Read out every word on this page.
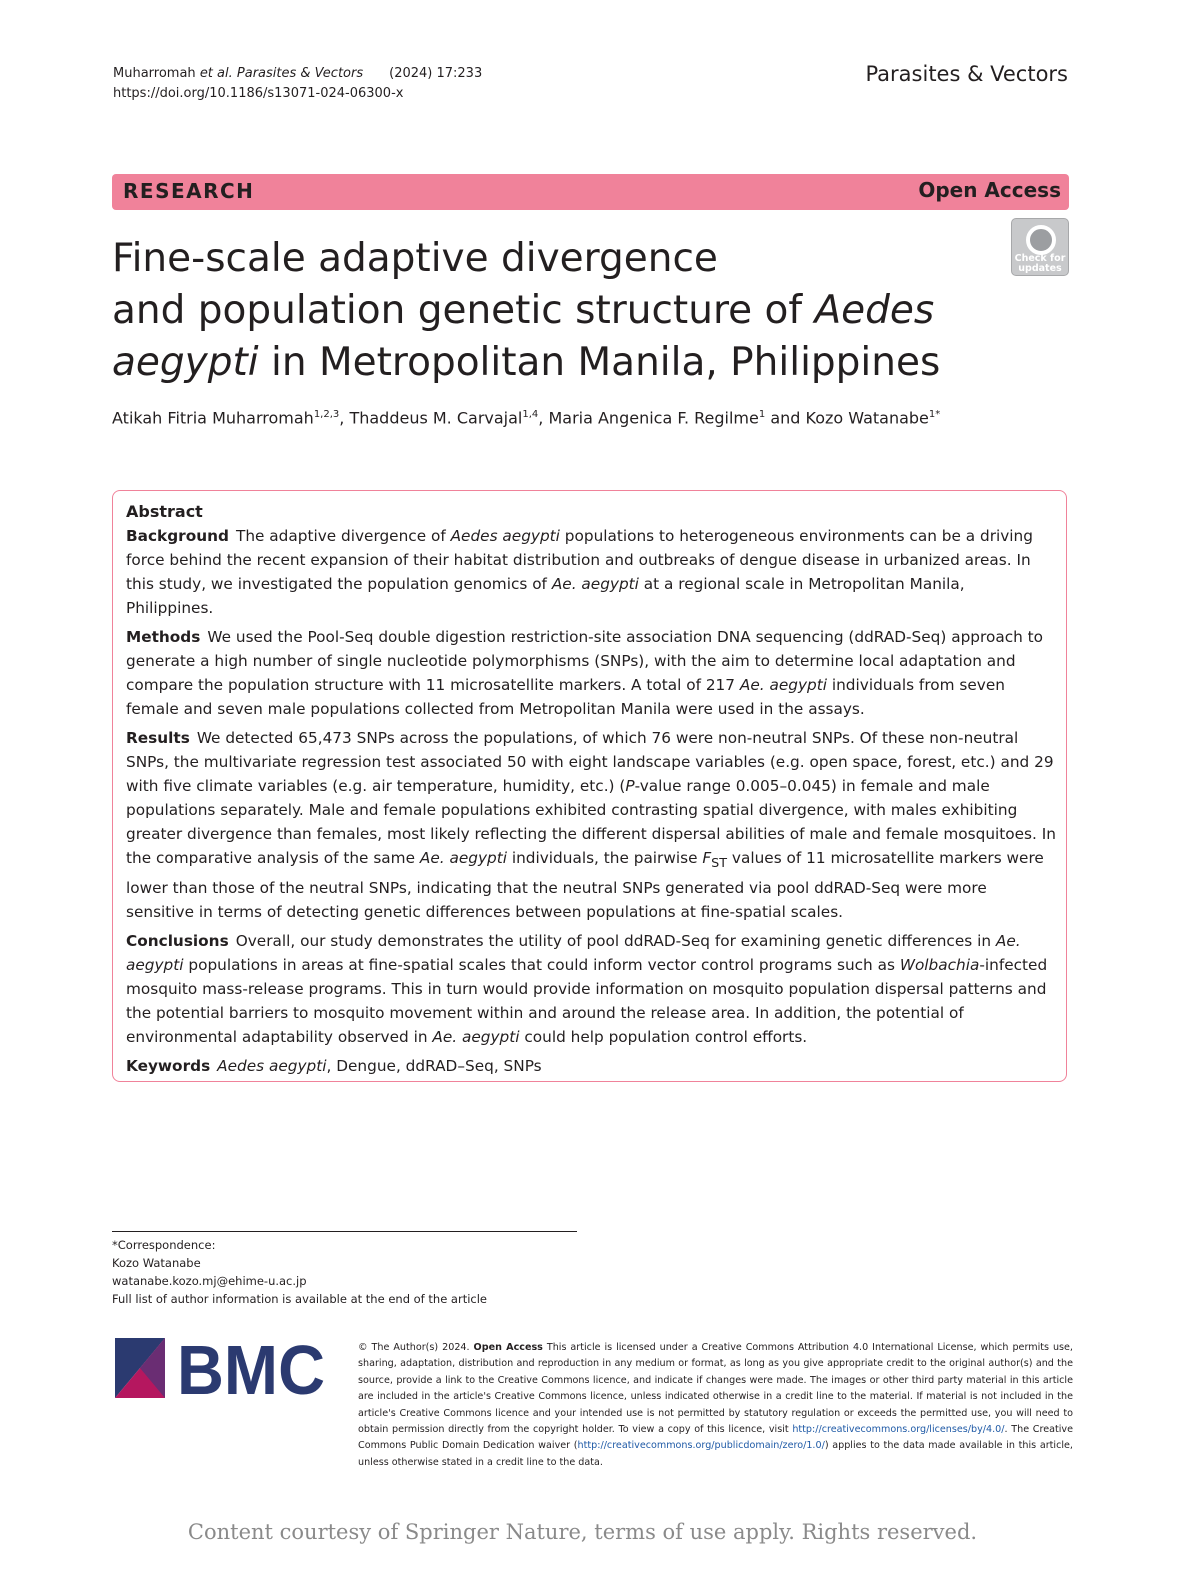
Muharromah et al. Parasites & Vectors (2024) 17:233
https://doi.org/10.1186/s13071-024-06300-x
Parasites & Vectors
RESEARCH	Open Access
Check for
updates
Fine-scale adaptive divergence
and population genetic structure of Aedes
aegypti in Metropolitan Manila, Philippines
Atikah Fitria Muharromah$^{1,2,3}$, Thaddeus M. Carvajal$^{1,4}$, Maria Angenica F. Regilme$^1$ and Kozo Watanabe$^{1*}$
Abstract

Background The adaptive divergence of Aedes aegypti populations to heterogeneous environments can be a driving force behind the recent expansion of their habitat distribution and outbreaks of dengue disease in urbanized areas. In this study, we investigated the population genomics of Ae. aegypti at a regional scale in Metropolitan Manila, Philippines.

Methods We used the Pool-Seq double digestion restriction-site association DNA sequencing (ddRAD-Seq) approach to generate a high number of single nucleotide polymorphisms (SNPs), with the aim to determine local adaptation and compare the population structure with 11 microsatellite markers. A total of 217 Ae. aegypti individuals from seven female and seven male populations collected from Metropolitan Manila were used in the assays.

Results We detected 65,473 SNPs across the populations, of which 76 were non-neutral SNPs. Of these non-neutral SNPs, the multivariate regression test associated 50 with eight landscape variables (e.g. open space, forest, etc.) and 29 with five climate variables (e.g. air temperature, humidity, etc.) (P-value range 0.005–0.045) in female and male populations separately. Male and female populations exhibited contrasting spatial divergence, with males exhibiting greater divergence than females, most likely reflecting the different dispersal abilities of male and female mosquitoes. In the comparative analysis of the same Ae. aegypti individuals, the pairwise $F_{ST}$ values of 11 microsatellite markers were lower than those of the neutral SNPs, indicating that the neutral SNPs generated via pool ddRAD-Seq were more sensitive in terms of detecting genetic differences between populations at fine-spatial scales.

Conclusions Overall, our study demonstrates the utility of pool ddRAD-Seq for examining genetic differences in Ae. aegypti populations in areas at fine-spatial scales that could inform vector control programs such as Wolbachia-infected mosquito mass-release programs. This in turn would provide information on mosquito population dispersal patterns and the potential barriers to mosquito movement within and around the release area. In addition, the potential of environmental adaptability observed in Ae. aegypti could help population control efforts.

Keywords Aedes aegypti, Dengue, ddRAD–Seq, SNPs

*Correspondence:
Kozo Watanabe
watanabe.kozo.mj@ehime-u.ac.jp
Full list of author information is available at the end of the article
BMC	© The Author(s) 2024. Open Access This article is licensed under a Creative Commons Attribution 4.0 International License, which permits use, sharing, adaptation, distribution and reproduction in any medium or format, as long as you give appropriate credit to the original author(s) and the source, provide a link to the Creative Commons licence, and indicate if changes were made. The images or other third party material in this article are included in the article's Creative Commons licence, unless indicated otherwise in a credit line to the material. If material is not included in the article's Creative Commons licence and your intended use is not permitted by statutory regulation or exceeds the permitted use, you will need to obtain permission directly from the copyright holder. To view a copy of this licence, visit http://creativecommons.org/licenses/by/4.0/. The Creative Commons Public Domain Dedication waiver (http://creativecommons.org/publicdomain/zero/1.0/) applies to the data made available in this article, unless otherwise stated in a credit line to the data.
Content courtesy of Springer Nature, terms of use apply. Rights reserved.
